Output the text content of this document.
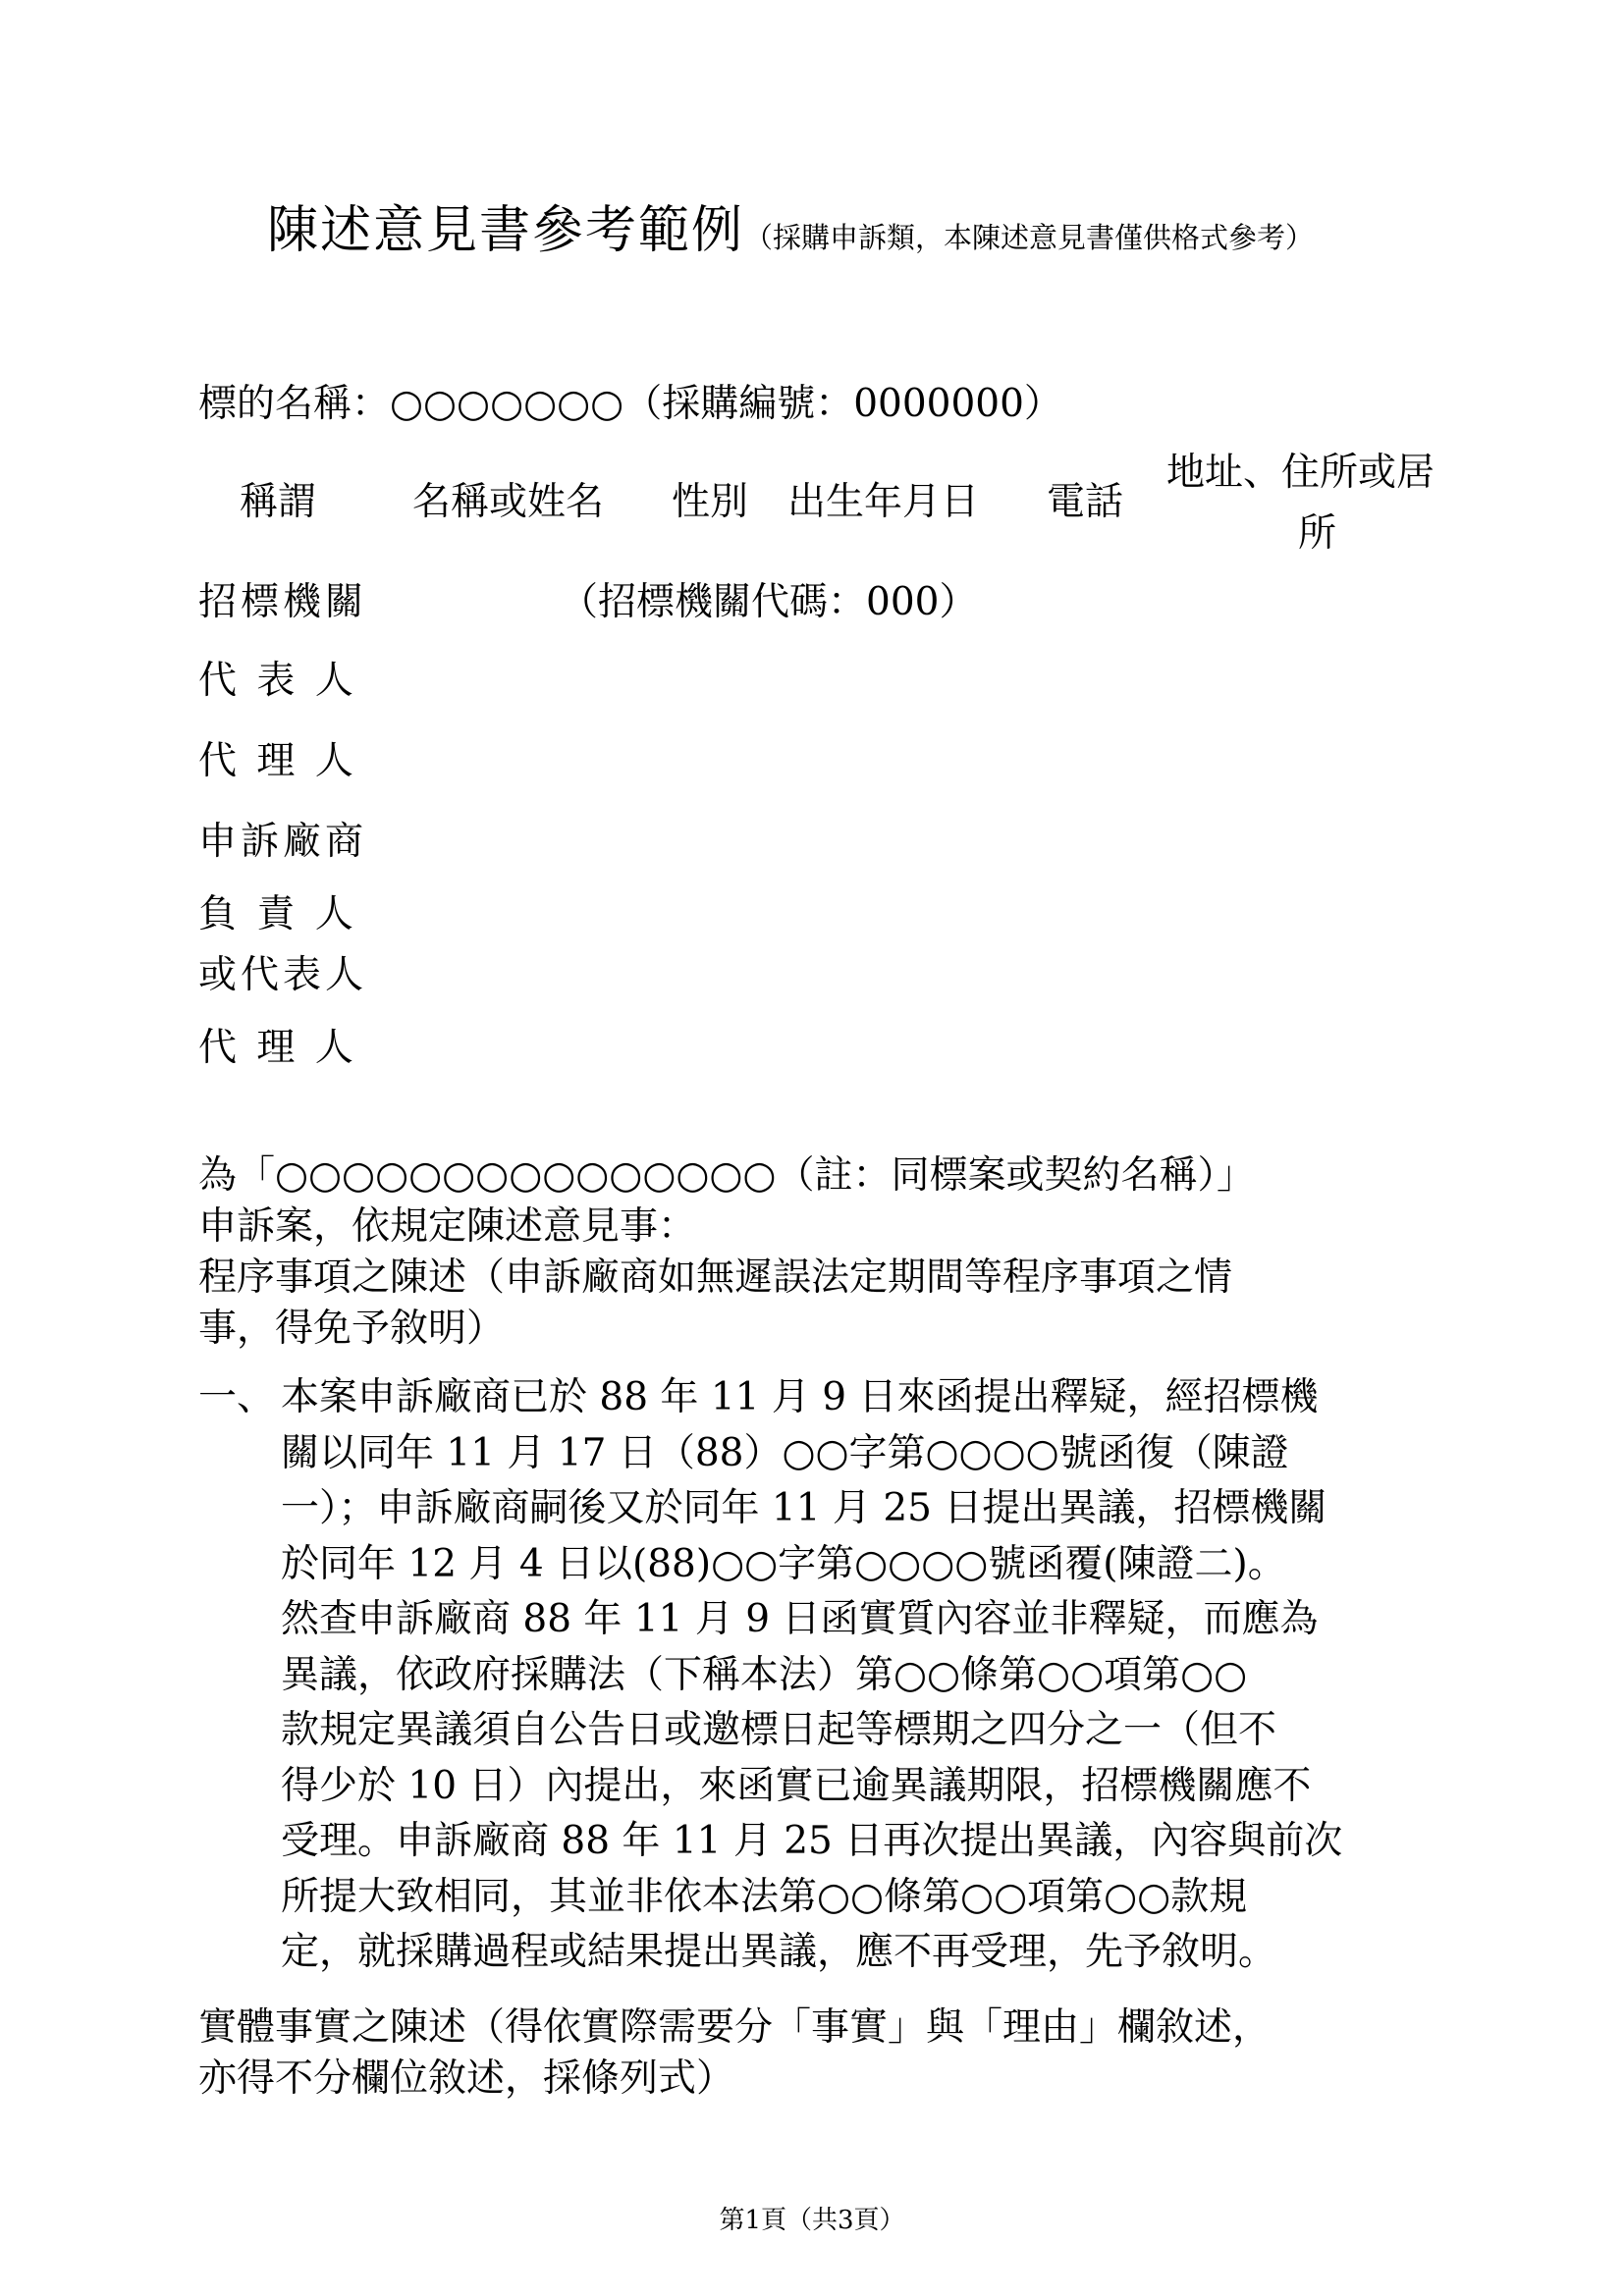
陳述意見書參考範例（採購申訴類，本陳述意見書僅供格式參考）
標的名稱：○○○○○○○（採購編號：0000000）
稱謂	名稱或姓名 性別 出生年月日 電話
地址、住所或居
所
招標機關	（招標機關代碼：000）
代 表 人
代 理 人
申訴廠商
負 責 人
或代表人
代 理 人
為「○○○○○○○○○○○○○○○（註：同標案或契約名稱）」
申訴案，依規定陳述意見事：
程序事項之陳述（申訴廠商如無遲誤法定期間等程序事項之情
事，得免予敘明）
一、 本案申訴廠商已於 88 年 11 月 9 日來函提出釋疑，經招標機
關以同年 11 月 17 日（88）○○字第○○○○號函復（陳證
一）；申訴廠商嗣後又於同年 11 月 25 日提出異議，招標機關
於同年 12 月 4 日以(88)○○字第○○○○號函覆(陳證二)。
然查申訴廠商 88 年 11 月 9 日函實質內容並非釋疑，而應為
異議，依政府採購法（下稱本法）第○○條第○○項第○○
款規定異議須自公告日或邀標日起等標期之四分之一（但不
得少於 10 日）內提出，來函實已逾異議期限，招標機關應不
受理。申訴廠商 88 年 11 月 25 日再次提出異議，內容與前次
所提大致相同，其並非依本法第○○條第○○項第○○款規
定，就採購過程或結果提出異議，應不再受理，先予敘明。
實體事實之陳述（得依實際需要分「事實」與「理由」欄敘述，
亦得不分欄位敘述，採條列式）
第1頁（共3頁）
